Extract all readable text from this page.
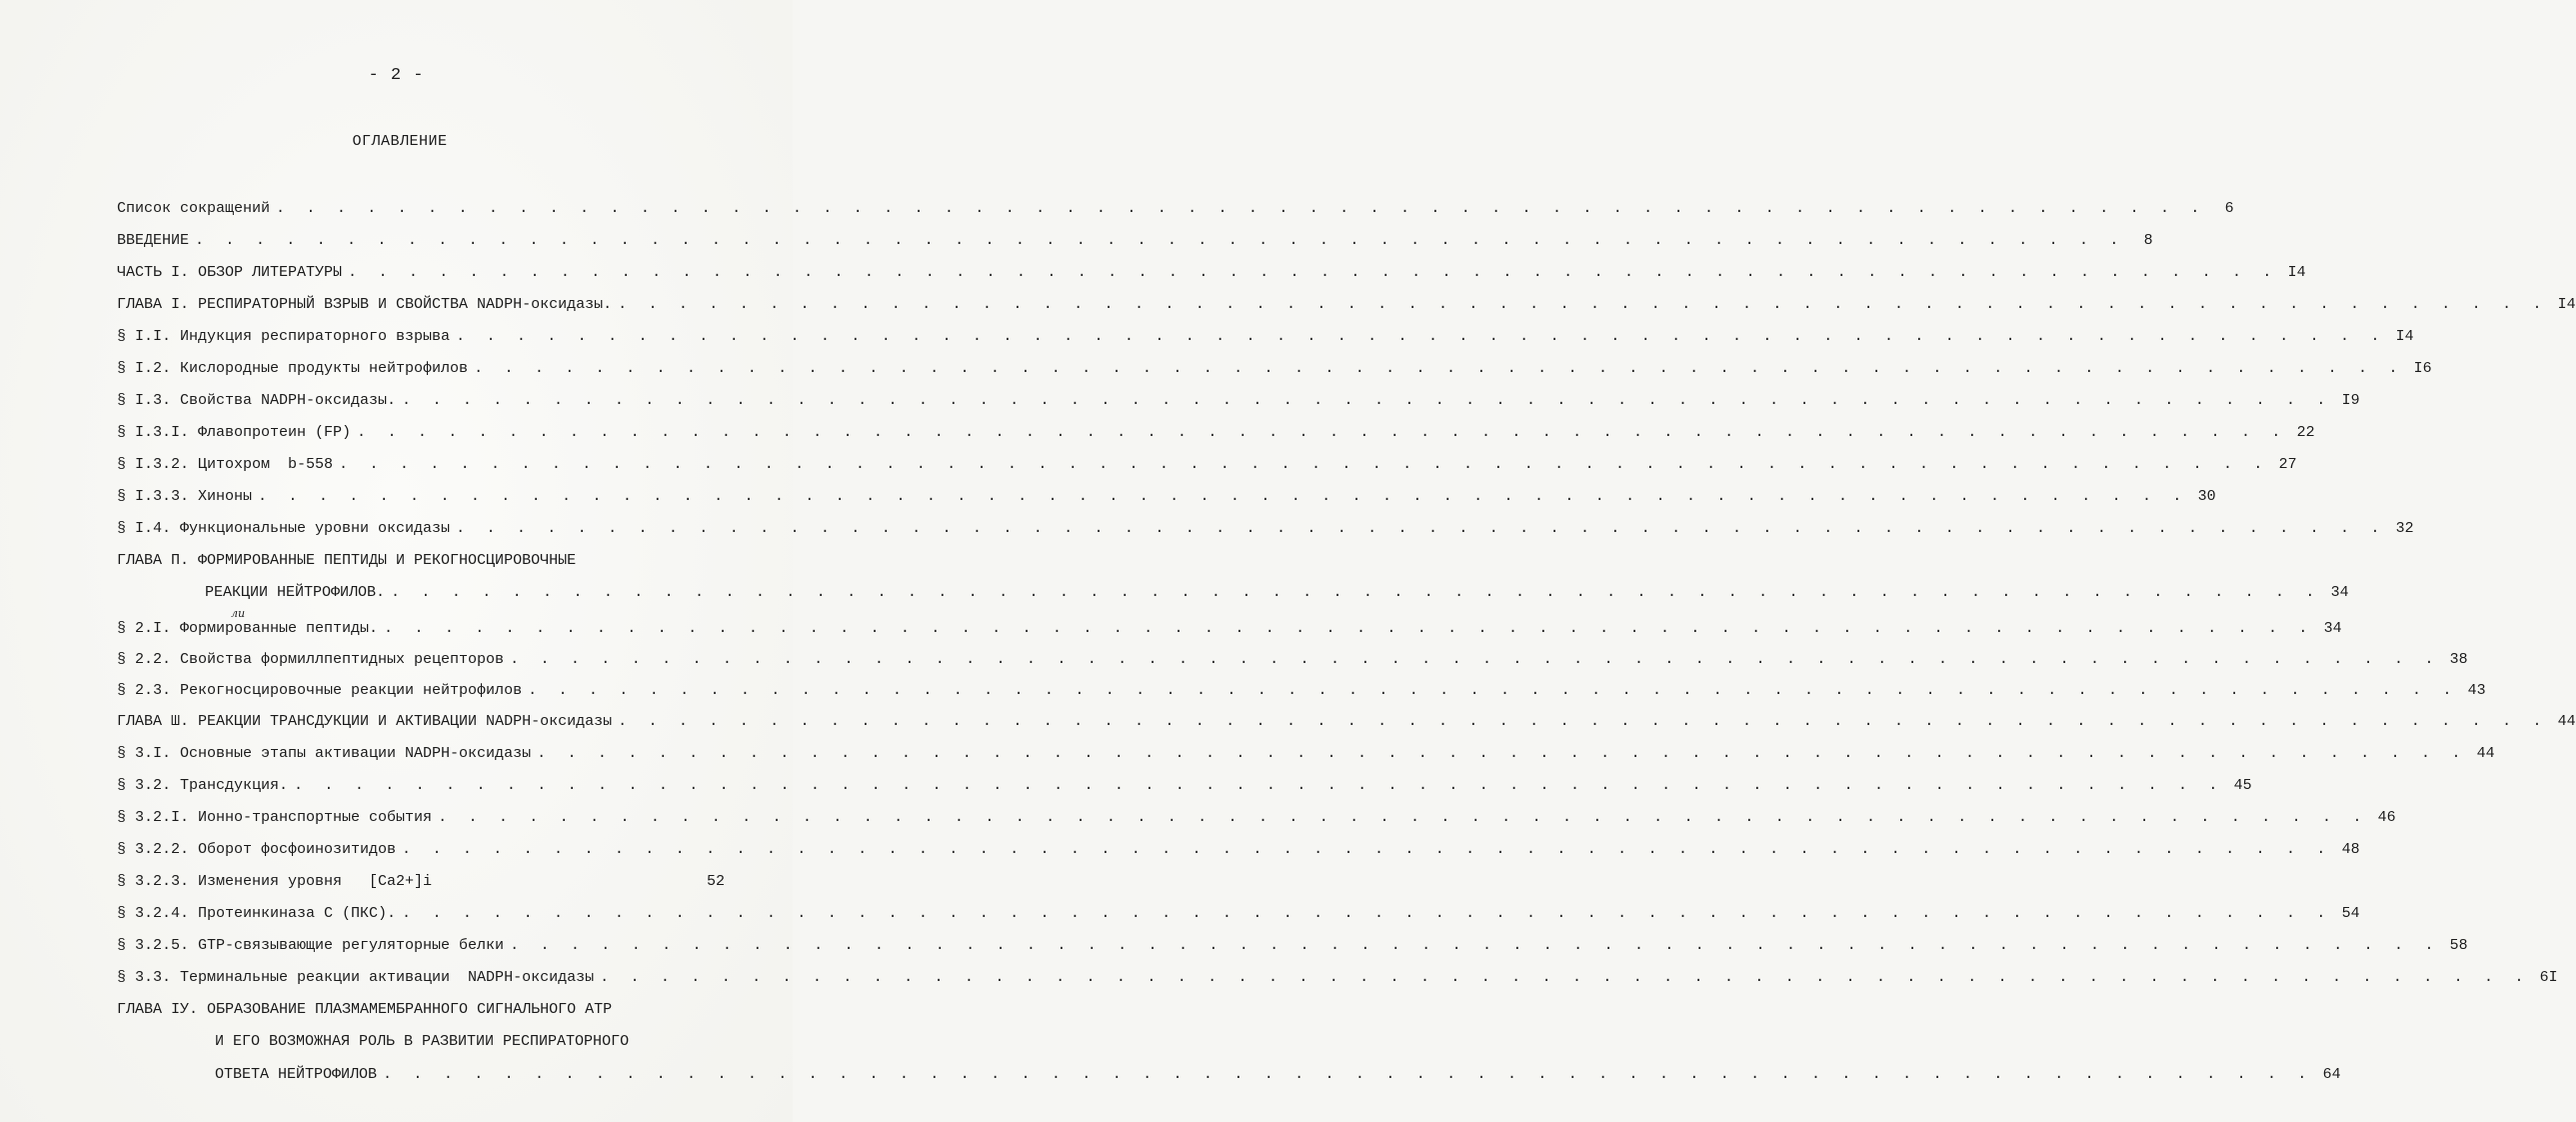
- 2 -
ОГЛАВЛЕНИЕ
ли
Список сокращений . . . . . . . . . . . . . . . . . . . . . . . . . . . . . . . . . . . . . . . . . . . . . . . . . . . . . . . . . . . . . . . .	6
ВВЕДЕНИЕ . . . . . . . . . . . . . . . . . . . . . . . . . . . . . . . . . . . . . . . . . . . . . . . . . . . . . . . . . . . . . . . .	8
ЧАСТЬ I. ОБЗОР ЛИТЕРАТУРЫ . . . . . . . . . . . . . . . . . . . . . . . . . . . . . . . . . . . . . . . . . . . . . . . . . . . . . . . . . . . . . . . . I4
ГЛАВА I. РЕСПИРАТОРНЫЙ ВЗРЫВ И СВОЙСТВА NADPH-оксидазы. . . . . . . . . . . . . . . . . . . . . . . . . . . . . . . . . . . . . . . . . . . . . . . . . . . . . . . . . . . . . . . . . I4
§ I.I. Индукция респираторного взрыва . . . . . . . . . . . . . . . . . . . . . . . . . . . . . . . . . . . . . . . . . . . . . . . . . . . . . . . . . . . . . . . . I4
§ I.2. Кислородные продукты нейтрофилов . . . . . . . . . . . . . . . . . . . . . . . . . . . . . . . . . . . . . . . . . . . . . . . . . . . . . . . . . . . . . . . . I6
§ I.3. Свойства NADPH-оксидазы. . . . . . . . . . . . . . . . . . . . . . . . . . . . . . . . . . . . . . . . . . . . . . . . . . . . . . . . . . . . . . . . . I9
§ I.3.I. Флавопротеин (FP) . . . . . . . . . . . . . . . . . . . . . . . . . . . . . . . . . . . . . . . . . . . . . . . . . . . . . . . . . . . . . . . . 22
§ I.3.2. Цитохром  b-558 . . . . . . . . . . . . . . . . . . . . . . . . . . . . . . . . . . . . . . . . . . . . . . . . . . . . . . . . . . . . . . . . 27
§ I.3.3. Хиноны . . . . . . . . . . . . . . . . . . . . . . . . . . . . . . . . . . . . . . . . . . . . . . . . . . . . . . . . . . . . . . . . 30
§ I.4. Функциональные уровни оксидазы . . . . . . . . . . . . . . . . . . . . . . . . . . . . . . . . . . . . . . . . . . . . . . . . . . . . . . . . . . . . . . . . 32
ГЛАВА П. ФОРМИРОВАННЫЕ ПЕПТИДЫ И РЕКОГНОСЦИРОВОЧНЫЕ
РЕАКЦИИ НЕЙТРОФИЛОВ. . . . . . . . . . . . . . . . . . . . . . . . . . . . . . . . . . . . . . . . . . . . . . . . . . . . . . . . . . . . . . . . . 34
§ 2.I. Формированные пептиды. . . . . . . . . . . . . . . . . . . . . . . . . . . . . . . . . . . . . . . . . . . . . . . . . . . . . . . . . . . . . . . . . 34
§ 2.2. Свойства формиллпептидных рецепторов . . . . . . . . . . . . . . . . . . . . . . . . . . . . . . . . . . . . . . . . . . . . . . . . . . . . . . . . . . . . . . . . 38
§ 2.3. Рекогносцировочные реакции нейтрофилов . . . . . . . . . . . . . . . . . . . . . . . . . . . . . . . . . . . . . . . . . . . . . . . . . . . . . . . . . . . . . . . . 43
ГЛАВА Ш. РЕАКЦИИ ТРАНСДУКЦИИ И АКТИВАЦИИ NADPH-оксидазы . . . . . . . . . . . . . . . . . . . . . . . . . . . . . . . . . . . . . . . . . . . . . . . . . . . . . . . . . . . . . . . . 44
§ 3.I. Основные этапы активации NADPH-оксидазы . . . . . . . . . . . . . . . . . . . . . . . . . . . . . . . . . . . . . . . . . . . . . . . . . . . . . . . . . . . . . . . . 44
§ 3.2. Трансдукция. . . . . . . . . . . . . . . . . . . . . . . . . . . . . . . . . . . . . . . . . . . . . . . . . . . . . . . . . . . . . . . . . 45
§ 3.2.I. Ионно-транспортные события . . . . . . . . . . . . . . . . . . . . . . . . . . . . . . . . . . . . . . . . . . . . . . . . . . . . . . . . . . . . . . . . 46
§ 3.2.2. Оборот фосфоинозитидов . . . . . . . . . . . . . . . . . . . . . . . . . . . . . . . . . . . . . . . . . . . . . . . . . . . . . . . . . . . . . . . . 48
§ 3.2.3. Изменения уровня   [Ca2+]i	52
§ 3.2.4. Протеинкиназа С (ПКС). . . . . . . . . . . . . . . . . . . . . . . . . . . . . . . . . . . . . . . . . . . . . . . . . . . . . . . . . . . . . . . . . 54
§ 3.2.5. GTP-связывающие регуляторные белки . . . . . . . . . . . . . . . . . . . . . . . . . . . . . . . . . . . . . . . . . . . . . . . . . . . . . . . . . . . . . . . . 58
§ 3.3. Терминальные реакции активации  NADPH-оксидазы . . . . . . . . . . . . . . . . . . . . . . . . . . . . . . . . . . . . . . . . . . . . . . . . . . . . . . . . . . . . . . . . 6I
ГЛАВА IУ. ОБРАЗОВАНИЕ ПЛАЗМАМЕМБРАННОГО СИГНАЛЬНОГО АТР
И ЕГО ВОЗМОЖНАЯ РОЛЬ В РАЗВИТИИ РЕСПИРАТОРНОГО
ОТВЕТА НЕЙТРОФИЛОВ . . . . . . . . . . . . . . . . . . . . . . . . . . . . . . . . . . . . . . . . . . . . . . . . . . . . . . . . . . . . . . . . 64
